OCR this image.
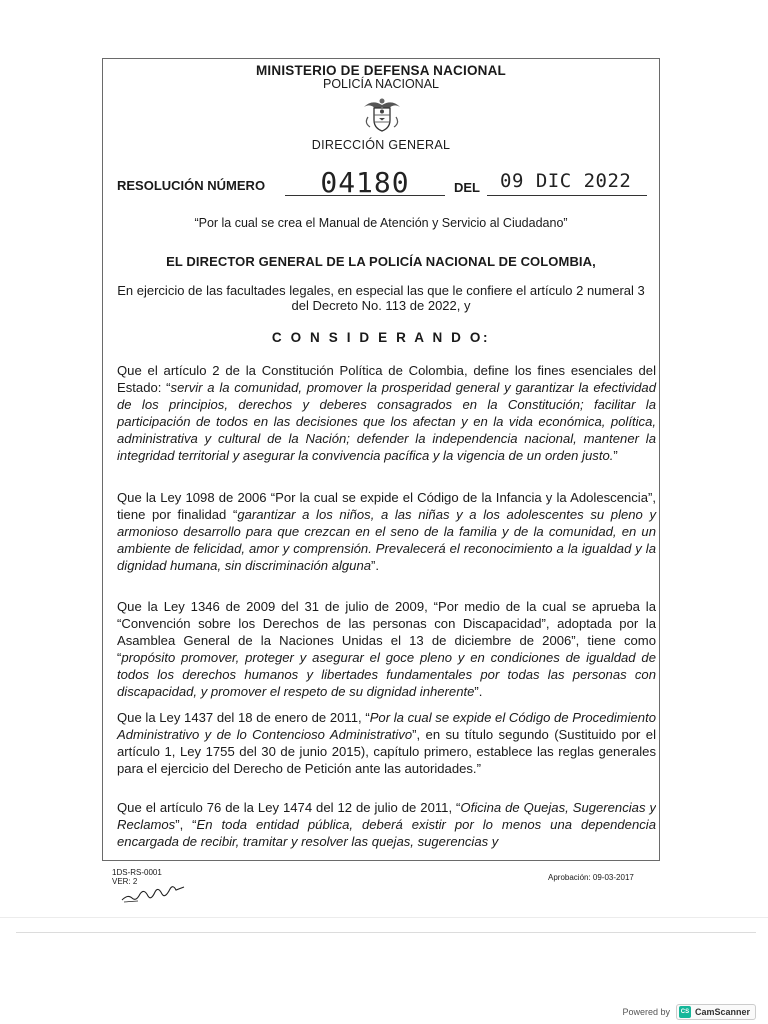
MINISTERIO DE DEFENSA NACIONAL
POLICÍA NACIONAL
DIRECCIÓN GENERAL
RESOLUCIÓN NÚMERO	04180	DEL 09 DIC 2022
“Por la cual se crea el Manual de Atención y Servicio al Ciudadano”
EL DIRECTOR GENERAL DE LA POLICÍA NACIONAL DE COLOMBIA,
En ejercicio de las facultades legales, en especial las que le confiere el artículo 2 numeral 3 del Decreto No. 113 de 2022, y
C O N S I D E R A N D O:

Que el artículo 2 de la Constitución Política de Colombia, define los fines esenciales del Estado: “servir a la comunidad, promover la prosperidad general y garantizar la efectividad de los principios, derechos y deberes consagrados en la Constitución; facilitar la participación de todos en las decisiones que los afectan y en la vida económica, política, administrativa y cultural de la Nación; defender la independencia nacional, mantener la integridad territorial y asegurar la convivencia pacífica y la vigencia de un orden justo.”

Que la Ley 1098 de 2006 “Por la cual se expide el Código de la Infancia y la Adolescencia”, tiene por finalidad “garantizar a los niños, a las niñas y a los adolescentes su pleno y armonioso desarrollo para que crezcan en el seno de la familia y de la comunidad, en un ambiente de felicidad, amor y comprensión. Prevalecerá el reconocimiento a la igualdad y la dignidad humana, sin discriminación alguna”.

Que la Ley 1346 de 2009 del 31 de julio de 2009, “Por medio de la cual se aprueba la “Convención sobre los Derechos de las personas con Discapacidad”, adoptada por la Asamblea General de la Naciones Unidas el 13 de diciembre de 2006”, tiene como “propósito promover, proteger y asegurar el goce pleno y en condiciones de igualdad de todos los derechos humanos y libertades fundamentales por todas las personas con discapacidad, y promover el respeto de su dignidad inherente”.

Que la Ley 1437 del 18 de enero de 2011, “Por la cual se expide el Código de Procedimiento Administrativo y de lo Contencioso Administrativo”, en su título segundo (Sustituido por el artículo 1, Ley 1755 del 30 de junio 2015), capítulo primero, establece las reglas generales para el ejercicio del Derecho de Petición ante las autoridades.”

Que el artículo 76 de la Ley 1474 del 12 de julio de 2011, “Oficina de Quejas, Sugerencias y Reclamos”, “En toda entidad pública, deberá existir por lo menos una dependencia encargada de recibir, tramitar y resolver las quejas, sugerencias y

1DS-RS-0001
VER: 2	Aprobación: 09-03-2017
Powered by	CS CamScanner
